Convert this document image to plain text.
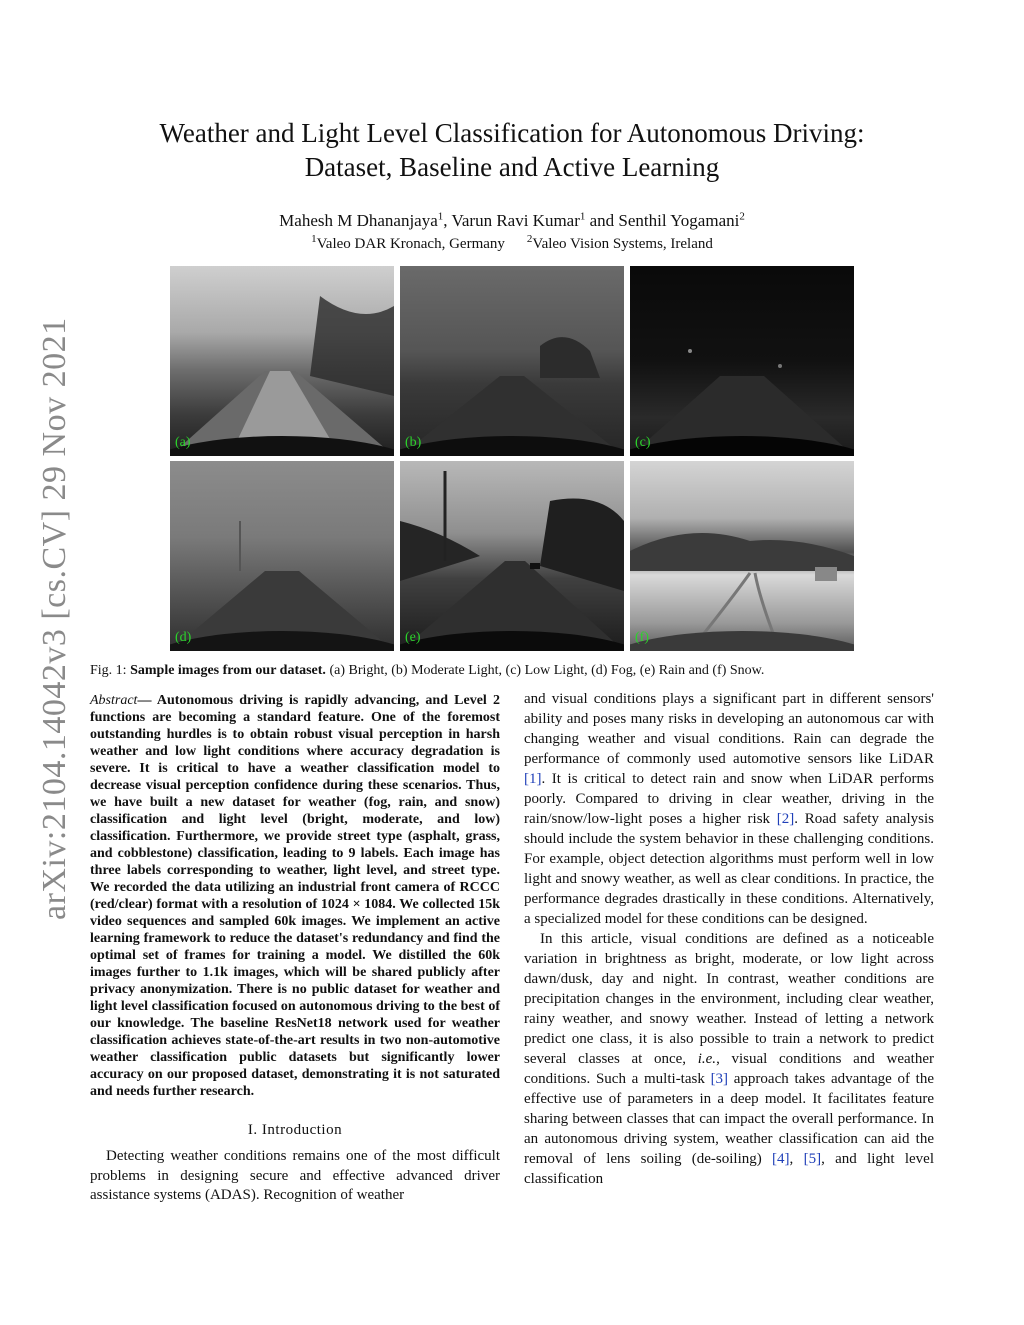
arXiv:2104.14042v3 [cs.CV] 29 Nov 2021
Weather and Light Level Classification for Autonomous Driving:
Dataset, Baseline and Active Learning
Mahesh M Dhananjaya$^1$, Varun Ravi Kumar$^1$ and Senthil Yogamani$^2$
$^1$Valeo DAR Kronach, Germany $^2$Valeo Vision Systems, Ireland
(a)	(b)	(c)
(d)	(e)	(f)
Fig. 1: Sample images from our dataset. (a) Bright, (b) Moderate Light, (c) Low Light, (d) Fog, (e) Rain and (f) Snow.
Abstract— Autonomous driving is rapidly advancing, and Level 2 functions are becoming a standard feature. One of the foremost outstanding hurdles is to obtain robust visual perception in harsh weather and low light conditions where accuracy degradation is severe. It is critical to have a weather classification model to decrease visual perception confidence during these scenarios. Thus, we have built a new dataset for weather (fog, rain, and snow) classification and light level (bright, moderate, and low) classification. Furthermore, we provide street type (asphalt, grass, and cobblestone) classification, leading to 9 labels. Each image has three labels corresponding to weather, light level, and street type. We recorded the data utilizing an industrial front camera of RCCC (red/clear) format with a resolution of 1024 × 1084. We collected 15k video sequences and sampled 60k images. We implement an active learning framework to reduce the dataset's redundancy and find the optimal set of frames for training a model. We distilled the 60k images further to 1.1k images, which will be shared publicly after privacy anonymization. There is no public dataset for weather and light level classification focused on autonomous driving to the best of our knowledge. The baseline ResNet18 network used for weather classification achieves state-of-the-art results in two non-automotive weather classification public datasets but significantly lower accuracy on our proposed dataset, demonstrating it is not saturated and needs further research.
I. Introduction

Detecting weather conditions remains one of the most difficult problems in designing secure and effective advanced driver assistance systems (ADAS). Recognition of weather

and visual conditions plays a significant part in different sensors' ability and poses many risks in developing an autonomous car with changing weather and visual conditions. Rain can degrade the performance of commonly used automotive sensors like LiDAR [1]. It is critical to detect rain and snow when LiDAR performs poorly. Compared to driving in clear weather, driving in the rain/snow/low-light poses a higher risk [2]. Road safety analysis should include the system behavior in these challenging conditions. For example, object detection algorithms must perform well in low light and snowy weather, as well as clear conditions. In practice, the performance degrades drastically in these conditions. Alternatively, a specialized model for these conditions can be designed.

In this article, visual conditions are defined as a noticeable variation in brightness as bright, moderate, or low light across dawn/dusk, day and night. In contrast, weather conditions are precipitation changes in the environment, including clear weather, rainy weather, and snowy weather. Instead of letting a network predict one class, it is also possible to train a network to predict several classes at once, i.e., visual conditions and weather conditions. Such a multi-task [3] approach takes advantage of the effective use of parameters in a deep model. It facilitates feature sharing between classes that can impact the overall performance. In an autonomous driving system, weather classification can aid the removal of lens soiling (de-soiling) [4], [5], and light level classification
